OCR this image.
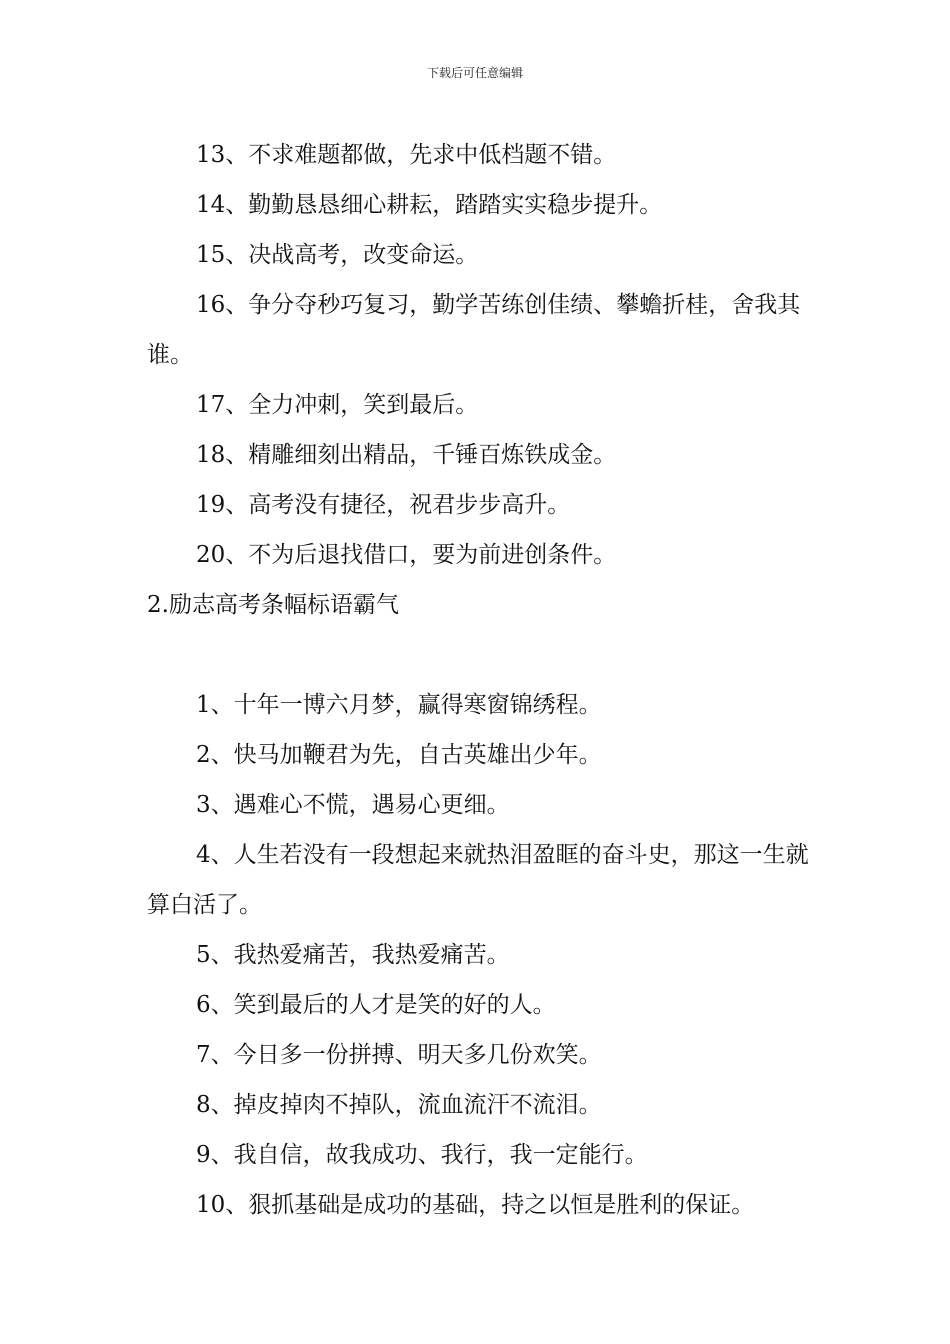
下载后可任意编辑

13、不求难题都做，先求中低档题不错。

14、勤勤恳恳细心耕耘，踏踏实实稳步提升。

15、决战高考，改变命运。

16、争分夺秒巧复习，勤学苦练创佳绩、攀蟾折桂，舍我其谁。

17、全力冲刺，笑到最后。

18、精雕细刻出精品，千锤百炼铁成金。

19、高考没有捷径，祝君步步高升。

20、不为后退找借口，要为前进创条件。

2.励志高考条幅标语霸气

1、十年一博六月梦，赢得寒窗锦绣程。

2、快马加鞭君为先，自古英雄出少年。

3、遇难心不慌，遇易心更细。

4、人生若没有一段想起来就热泪盈眶的奋斗史，那这一生就算白活了。

5、我热爱痛苦，我热爱痛苦。

6、笑到最后的人才是笑的好的人。

7、今日多一份拼搏、明天多几份欢笑。

8、掉皮掉肉不掉队，流血流汗不流泪。

9、我自信，故我成功、我行，我一定能行。

10、狠抓基础是成功的基础，持之以恒是胜利的保证。
